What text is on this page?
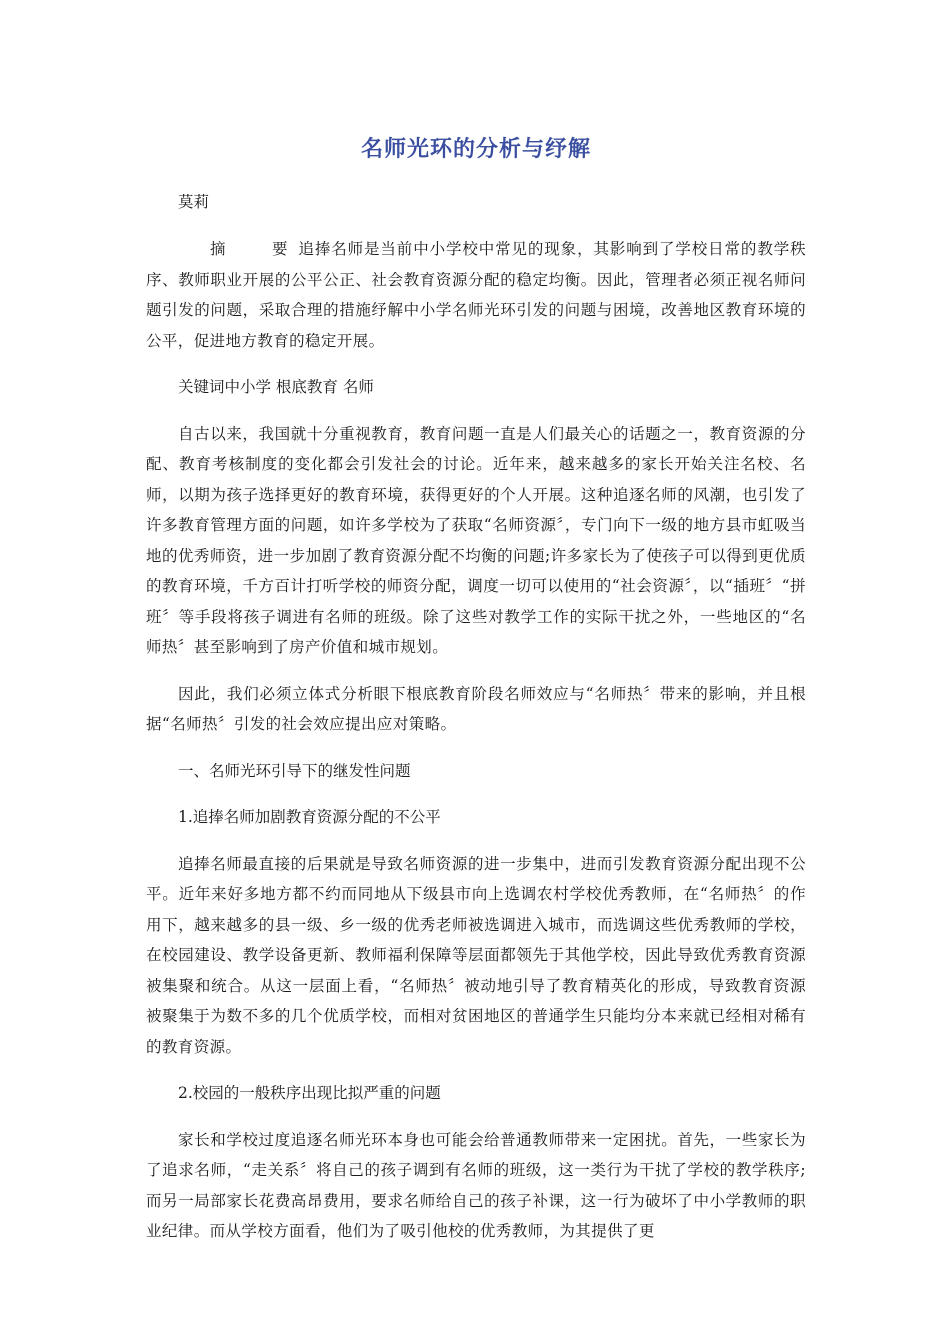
名师光环的分析与纾解

莫莉

摘　　　要 追捧名师是当前中小学校中常见的现象，其影响到了学校日常的教学秩序、教师职业开展的公平公正、社会教育资源分配的稳定均衡。因此，管理者必须正视名师问题引发的问题，采取合理的措施纾解中小学名师光环引发的问题与困境，改善地区教育环境的公平，促进地方教育的稳定开展。

关键词中小学 根底教育 名师

自古以来，我国就十分重视教育，教育问题一直是人们最关心的话题之一，教育资源的分配、教育考核制度的变化都会引发社会的讨论。近年来，越来越多的家长开始关注名校、名师，以期为孩子选择更好的教育环境，获得更好的个人开展。这种追逐名师的风潮，也引发了许多教育管理方面的问题，如许多学校为了获取“名师资源〞，专门向下一级的地方县市虹吸当地的优秀师资，进一步加剧了教育资源分配不均衡的问题;许多家长为了使孩子可以得到更优质的教育环境，千方百计打听学校的师资分配，调度一切可以使用的“社会资源〞，以“插班〞“拼班〞等手段将孩子调进有名师的班级。除了这些对教学工作的实际干扰之外，一些地区的“名师热〞甚至影响到了房产价值和城市规划。

因此，我们必须立体式分析眼下根底教育阶段名师效应与“名师热〞带来的影响，并且根据“名师热〞引发的社会效应提出应对策略。

一、名师光环引导下的继发性问题

1.追捧名师加剧教育资源分配的不公平

追捧名师最直接的后果就是导致名师资源的进一步集中，进而引发教育资源分配出现不公平。近年来好多地方都不约而同地从下级县市向上选调农村学校优秀教师，在“名师热〞的作用下，越来越多的县一级、乡一级的优秀老师被选调进入城市，而选调这些优秀教师的学校，在校园建设、教学设备更新、教师福利保障等层面都领先于其他学校，因此导致优秀教育资源被集聚和统合。从这一层面上看，“名师热〞被动地引导了教育精英化的形成，导致教育资源被聚集于为数不多的几个优质学校，而相对贫困地区的普通学生只能均分本来就已经相对稀有的教育资源。

2.校园的一般秩序出现比拟严重的问题

家长和学校过度追逐名师光环本身也可能会给普通教师带来一定困扰。首先，一些家长为了追求名师，“走关系〞将自己的孩子调到有名师的班级，这一类行为干扰了学校的教学秩序;而另一局部家长花费高昂费用，要求名师给自己的孩子补课，这一行为破坏了中小学教师的职业纪律。而从学校方面看，他们为了吸引他校的优秀教师，为其提供了更
